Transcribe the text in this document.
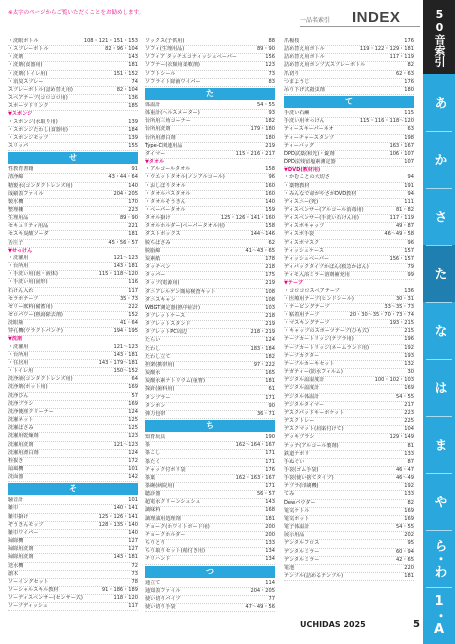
※太字のページからご覧いただくことをお勧めします。
一品名索引 INDEX
・洗眼ボトル	108・121・151・153
・スプレーボトル	82・96・104
・洗剤	143
・洗剤(食器用)	181
・洗剤(トイレ用)	151・152
・消臭スプレー	74
スプレーボトル(詰め替え用)	82・104
スペアテープ(コロコロ用)	136
スポーツドリンク	185
▼スポンジ
・スポンジ(水取り用)	139
・スポンジたわし(食器用)	184
・スポンジモップ	139
スリッパ	155
せ
性教育書籍	91
清浄綿	43・44・64
精製水(コンタクトレンズ用)	140
成績表ファイル	204・205
製氷機	170
整理棚	223
生理用品	89・90
セキュリティ用品	221
セスキ炭酸ソーダ	181
舌圧子	45・56・57
▼せっけん
・洗濯用	121〜123
・台所用	143・181
・手洗い用(泡・液体)	115・118〜120
・手洗い用(固形)	116
石けん入れ	117
セラポテープ	35・73
ゼリー飲料(備蓄用)	222
ゼロパワー(熱湯除去剤)	152
洗眼瓶	41・64
穿孔機(ウラクトパンチ)	194・195
▼洗剤
・洗濯用	121〜123
・台所用	143・181
・住居用	143・179〜181
・トイレ用	150〜152
洗浄液(コンタクトレンズ用)	64
洗浄剤(ポット用)	169
洗浄びん	57
洗浄ブラシ	169
洗浄便座クリーナー	124
洗濯ネット	125
洗濯ばさみ	125
洗濯用乾燥剤	123
洗濯用洗剤	121〜123
洗濯用漂白剤	124
栓抜き	172
扇風機	101
洗面器	142
そ
騒音計	101
雑巾	140・141
雑巾掛け	125・126・141
ぞうきんモップ	128・135・140
雑巾ワイパー	140
掃除機	127
掃除用洗剤	127
掃除用洗剤	143・181
送水機	72
創木	73
ソーイングセット	78
ソーシャルスキル教材	91・186・189
ソーディスペンサー(センサー式)	118・120
ソープディッシュ	117
ソックス(子供用)	88
ソフィ(生理用品)	89・90
ソフィア タッチエコティッシュペーパー	156
ソフナー(衣類用柔軟剤)	123
ソフトシール	73
ソフライト除菌ワイパー	83
た
体温計	54・55
体重計(ヘルスメーター)	93
台所用三角コーナー	182
台所用洗剤	179・180
台所用漂白剤	180
Type-C関連用品	219
ダイマー	115・216・217
▼タオル
・アルコールタオル	158
・ウエットタオル(ノンアルコール)	96
・おしぼりタオル	160
・タオルバスタオル	160
・タオルそうきん	140
・ペーパータオル	159
タオル掛け	125・126・141・160
タオルホルダー(ペーパータオル用)	158
ダストボックス	144〜146
脱ちばさみ	62
脱脂綿	41〜43・65
炭素紙	178
タッチペン	218
タッパー	175
タップ(電源用)	219
ダニアレルゲン簡易検査キット	108
ダニスキャン	108
WBGT測定器(熱中症計)	103
タブレットケース	218
タブレットスタンド	219
タブレットPC周辺	218・219
たらい	124
たわし	183・184
たわし立て	182
担架(携帯用)	97・222
炭酸水	165
炭酸水素ナトリウム(重曹)	181
探針(歯科用)	61
タンブラー	171
タンポン	90
弾力包帯	36・71
ち
知育玩具	190
茶	162〜164・167
茶こし	171
茶たく	171
チャック付ポリ袋	176
茶葉	162・163・167
茶碗(病院用)	171
聴診器	56・57
超電水クリーンシュシュ	143
調味料	168
調理油用処理剤	181
チョーク(ホワイトボード用)	200
チョークホルダー	200
ちりとり	133
ちり取りセット(箱付き用)	134
チリハンド	134
つ
通立て	114
通知表ファイル	204・205
使い切りパイプ	77
使い切り手袋	47〜49・56
爪楊枝	176
詰め替え用ボトル	119・122・129・181
詰め替え用ボトル	117・119
詰め替え用ポンプ式スプレーボトル	82
爪切り	62・63
つまようじ	176
吊り下げ式殺虫剤	180
て
手洗い石鹸	115
手洗い用せっけん	115・116・118〜120
ティースキーパーネオ	63
ティーチャースタンプ	198
ティーバッグ	163・167
DPD試薬(和光)・錠剤	106・107
DPD法残留塩素測定器	107
▼DVD(教材用)
・かむことの大切さ	94
・薬物教材	191
・みんなで命がやさがDVD教材	94
ディスニー(死)	111
ディスペンサー(アルコール消毒用)	81・82
ディスペンサー(手洗い石けん用)	117・119
ディスポキャップ	49・87
ディスポ手袋	46〜49・58
ディスポマスク	96
ティッシュケース	157
ティッシュペーパー	156・157
ディパックタイプかぱん(救急かばん)	79
ティモ入浴ミラー溶剤補充用	99
▼テープ
・コロコロスペアテープ	136
・医療用テープ(ヒンドシール)	30・31
・テーピングテープ	33〜35・73
・粘着用テープ	20・30〜35・70・73・74
・マスキングテープ	193・215
・キャップのスポーツテープ(ひも式)	215
テープカートリッジ(テプラ用)	196
テープカートリッジ(ネームランド用)	192
テープカクター	193
テーブルカーキセット	132
テガティー(防水フィルム)	30
デジタル温湿度計	100・102・103
デジタル温度計	169
デジタル体温計	54・55
デジタルタイマー	217
デスクパッドキーボケット	223
デスクトレー	225
デスクマット(肩貼付けて)	104
デッキブラシ	129・149
テッテ(アルコール製剤)	81
鉄道ナポリ	133
手ぬぐい	87
手袋(ゴム手袋)	46・47
手袋(使い捨てタイプ)	46〜49
テプラ(印刷機)	192
てみ	133
Dewパウダー	82
電気ケトル	169
電気ポット	169
電子体温計	54・55
展示用品	202
デンタルフロス	95
デンタルミラー	60・94
デンタルミラー	42・65
電池	220
テンプル(詰めるテンプル)	181
50音索引
あ
か
さ
た
な
は
ま
や
ら・わ
1・A
UCHIDAS 2025	5
